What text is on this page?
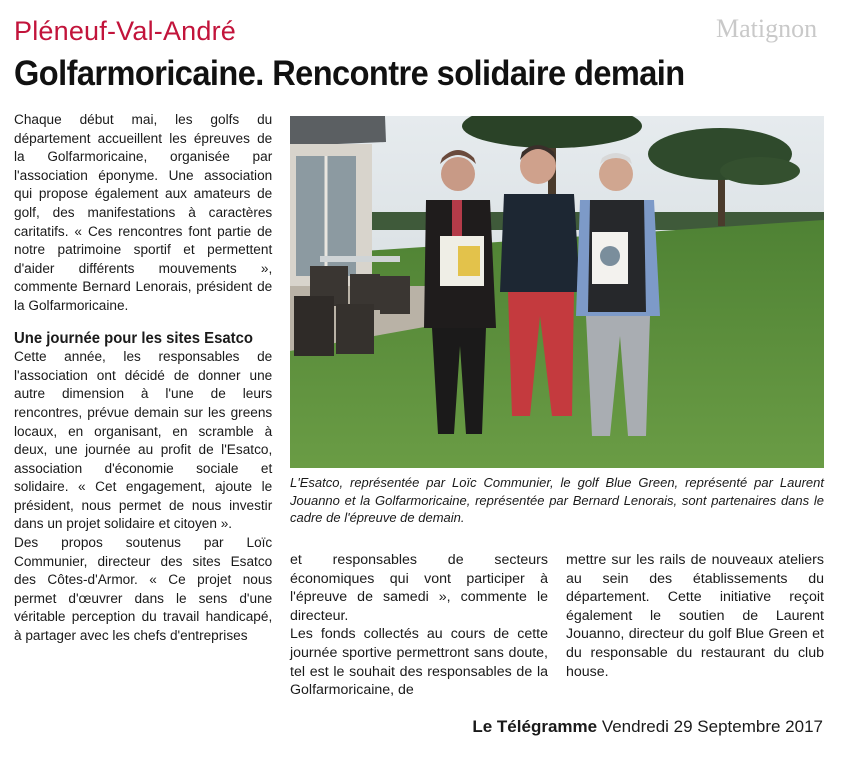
Matignon
Pléneuf-Val-André
Golfarmoricaine. Rencontre solidaire demain

Chaque début mai, les golfs du département accueillent les épreuves de la Golfarmoricaine, organisée par l'association éponyme. Une association qui propose également aux amateurs de golf, des manifestations à caractères caritatifs. « Ces rencontres font partie de notre patrimoine sportif et permettent d'aider différents mouvements », commente Bernard Lenorais, président de la Golfarmoricaine.

Une journée pour les sites Esatco

Cette année, les responsables de l'association ont décidé de donner une autre dimension à l'une de leurs rencontres, prévue demain sur les greens locaux, en organisant, en scramble à deux, une journée au profit de l'Esatco, association d'économie sociale et solidaire. « Cet engagement, ajoute le président, nous permet de nous investir dans un projet solidaire et citoyen ».

Des propos soutenus par Loïc Communier, directeur des sites Esatco des Côtes-d'Armor. « Ce projet nous permet d'œuvrer dans le sens d'une véritable perception du travail handicapé, à partager avec les chefs d'entreprises

L'Esatco, représentée par Loïc Communier, le golf Blue Green, représenté par Laurent Jouanno et la Golfarmoricaine, représentée par Bernard Lenorais, sont partenaires dans le cadre de l'épreuve de demain.

et responsables de secteurs économiques qui vont participer à l'épreuve de samedi », commente le directeur.

Les fonds collectés au cours de cette journée sportive permettront sans doute, tel est le souhait des responsables de la Golfarmoricaine, de

mettre sur les rails de nouveaux ateliers au sein des établissements du département. Cette initiative reçoit également le soutien de Laurent Jouanno, directeur du golf Blue Green et du responsable du restaurant du club house.

Le Télégramme Vendredi 29 Septembre 2017
